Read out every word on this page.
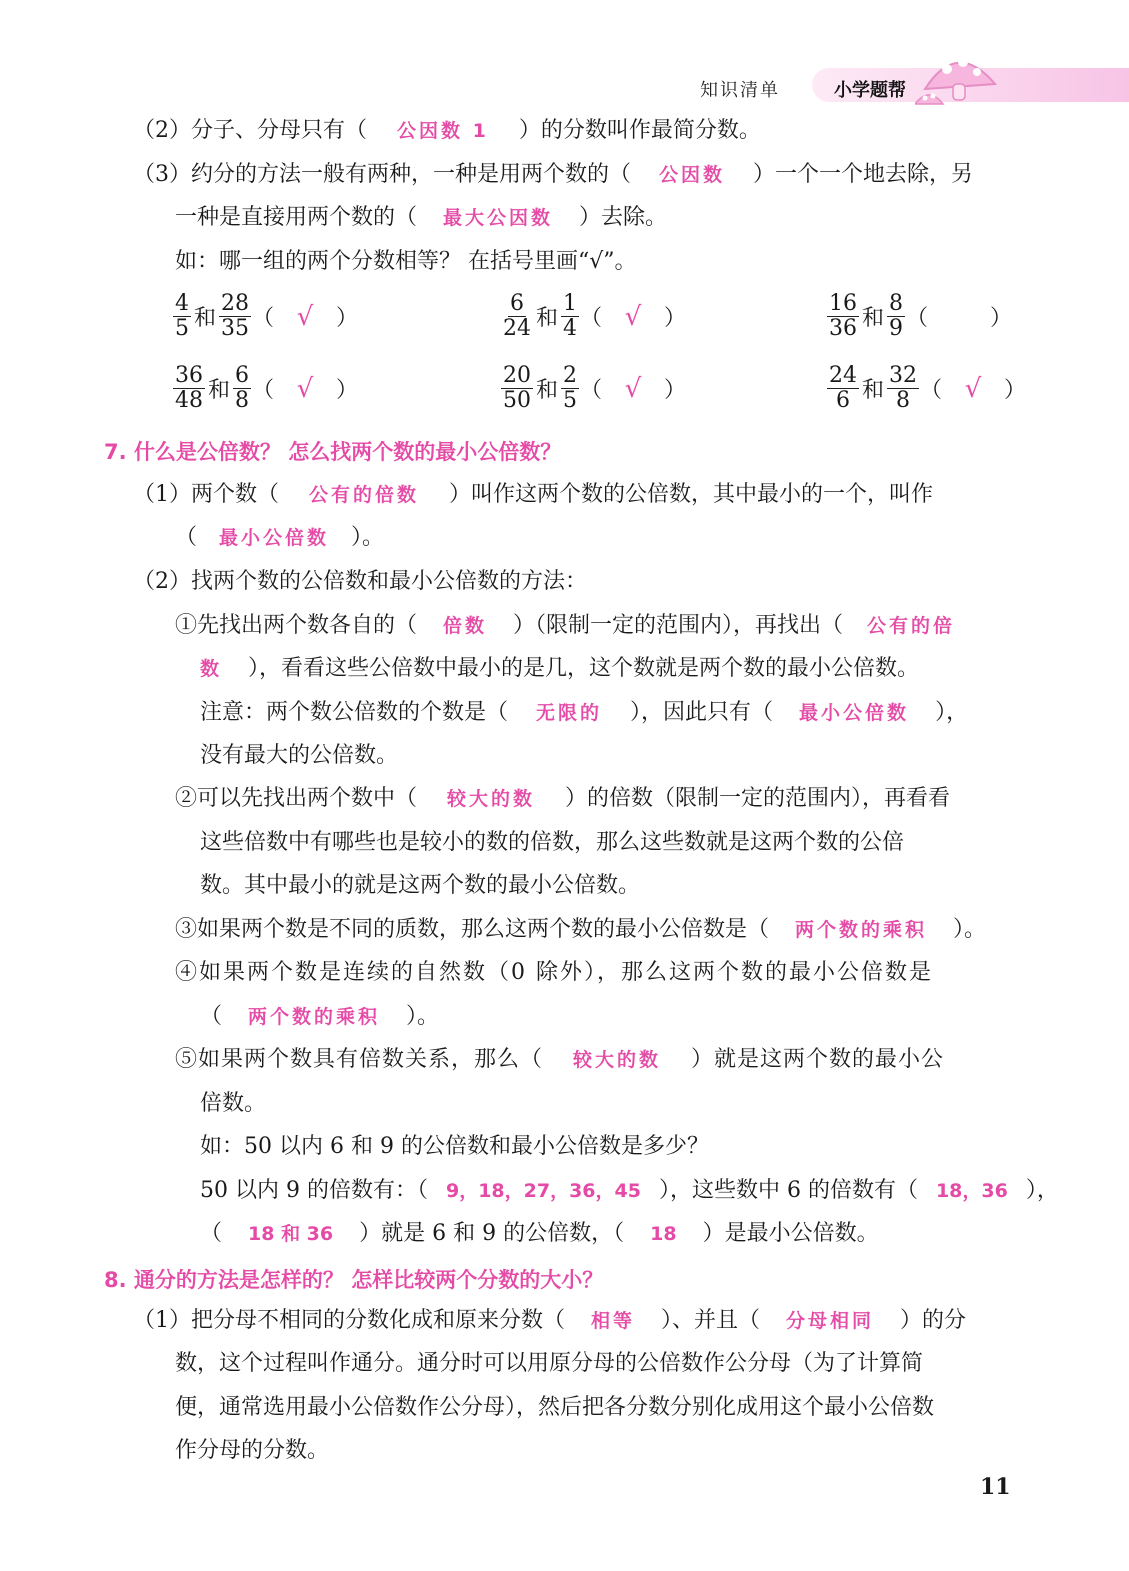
知识清单	小学题帮
（2）分子、分母只有（ 公因数 1 ）的分数叫作最简分数。
（3）约分的方法一般有两种，一种是用两个数的（ 公因数 ）一个一个地去除，另
一种是直接用两个数的（ 最大公因数 ）去除。
如：哪一组的两个分数相等？ 在括号里画“√”。
$\frac{4}{5}$ 和 $\frac{28}{35}$ （ √	）	$\frac{6}{24}$ 和 $\frac{1}{4}$ （ √	）	$\frac{16}{36}$ 和 $\frac{8}{9}$ （	）
$\frac{36}{48}$ 和 $\frac{6}{8}$ （ √	）	$\frac{20}{50}$ 和 $\frac{2}{5}$ （ √	）	$\frac{24}{6}$ 和 $\frac{32}{8}$ （ √	）
7. 什么是公倍数？ 怎么找两个数的最小公倍数？
（1）两个数（ 公有的倍数 ）叫作这两个数的公倍数，其中最小的一个，叫作
（ 最小公倍数 ）。
（2）找两个数的公倍数和最小公倍数的方法：
①先找出两个数各自的（ 倍数 ）（限制一定的范围内），再找出（ 公有的倍
数 ），看看这些公倍数中最小的是几，这个数就是两个数的最小公倍数。
注意：两个数公倍数的个数是（ 无限的 ），因此只有（ 最小公倍数 ），
没有最大的公倍数。
②可以先找出两个数中（ 较大的数 ）的倍数（限制一定的范围内），再看看
这些倍数中有哪些也是较小的数的倍数，那么这些数就是这两个数的公倍
数。其中最小的就是这两个数的最小公倍数。
③如果两个数是不同的质数，那么这两个数的最小公倍数是（ 两个数的乘积 ）。
④如果两个数是连续的自然数（0 除外），那么这两个数的最小公倍数是
（ 两个数的乘积 ）。
⑤如果两个数具有倍数关系，那么（ 较大的数 ）就是这两个数的最小公
倍数。
如：50 以内 6 和 9 的公倍数和最小公倍数是多少？
50 以内 9 的倍数有：（ 9，18，27，36，45 ），这些数中 6 的倍数有（ 18，36 ），
（ 18 和 36 ）就是 6 和 9 的公倍数，（ 18 ）是最小公倍数。
8. 通分的方法是怎样的？ 怎样比较两个分数的大小？
（1）把分母不相同的分数化成和原来分数（ 相等 ）、并且（ 分母相同 ）的分
数，这个过程叫作通分。通分时可以用原分母的公倍数作公分母（为了计算简
便，通常选用最小公倍数作公分母），然后把各分数分别化成用这个最小公倍数
作分母的分数。
11
